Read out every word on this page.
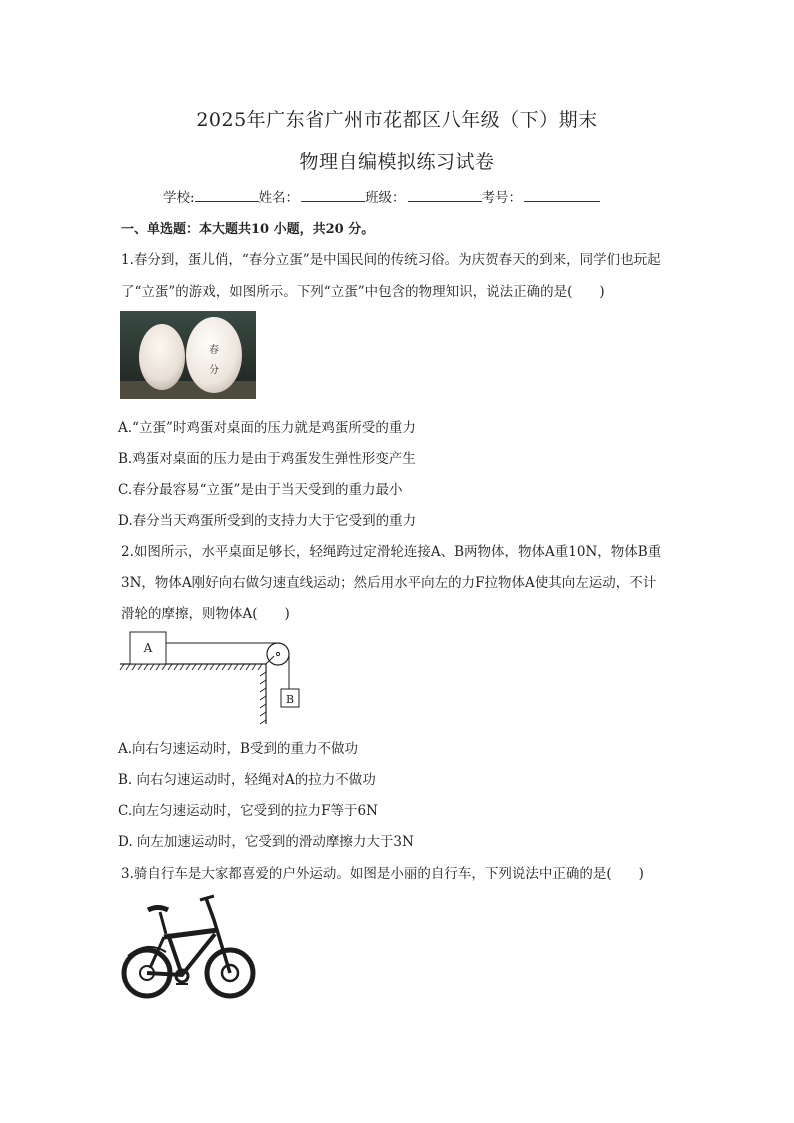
2025年广东省广州市花都区八年级（下）期末
物理自编模拟练习试卷
学校:	姓名：	班级：	考号：
一、单选题：本大题共10 小题，共20 分。
1.春分到，蛋儿俏，“春分立蛋”是中国民间的传统习俗。为庆贺春天的到来，同学们也玩起
了“立蛋”的游戏，如图所示。下列“立蛋”中包含的物理知识，说法正确的是(　　)
春
分
A.“立蛋”时鸡蛋对桌面的压力就是鸡蛋所受的重力
B.鸡蛋对桌面的压力是由于鸡蛋发生弹性形变产生
C.春分最容易“立蛋”是由于当天受到的重力最小
D.春分当天鸡蛋所受到的支持力大于它受到的重力
2.如图所示，水平桌面足够长，轻绳跨过定滑轮连接A、B两物体，物体A重10N，物体B重
3N，物体A刚好向右做匀速直线运动；然后用水平向左的力F拉物体A使其向左运动，不计
滑轮的摩擦，则物体A(　　)
A
B
A.向右匀速运动时，B受到的重力不做功
B. 向右匀速运动时，轻绳对A的拉力不做功
C.向左匀速运动时，它受到的拉力F等于6N
D. 向左加速运动时，它受到的滑动摩擦力大于3N
3.骑自行车是大家都喜爱的户外运动。如图是小丽的自行车，下列说法中正确的是(　　)
